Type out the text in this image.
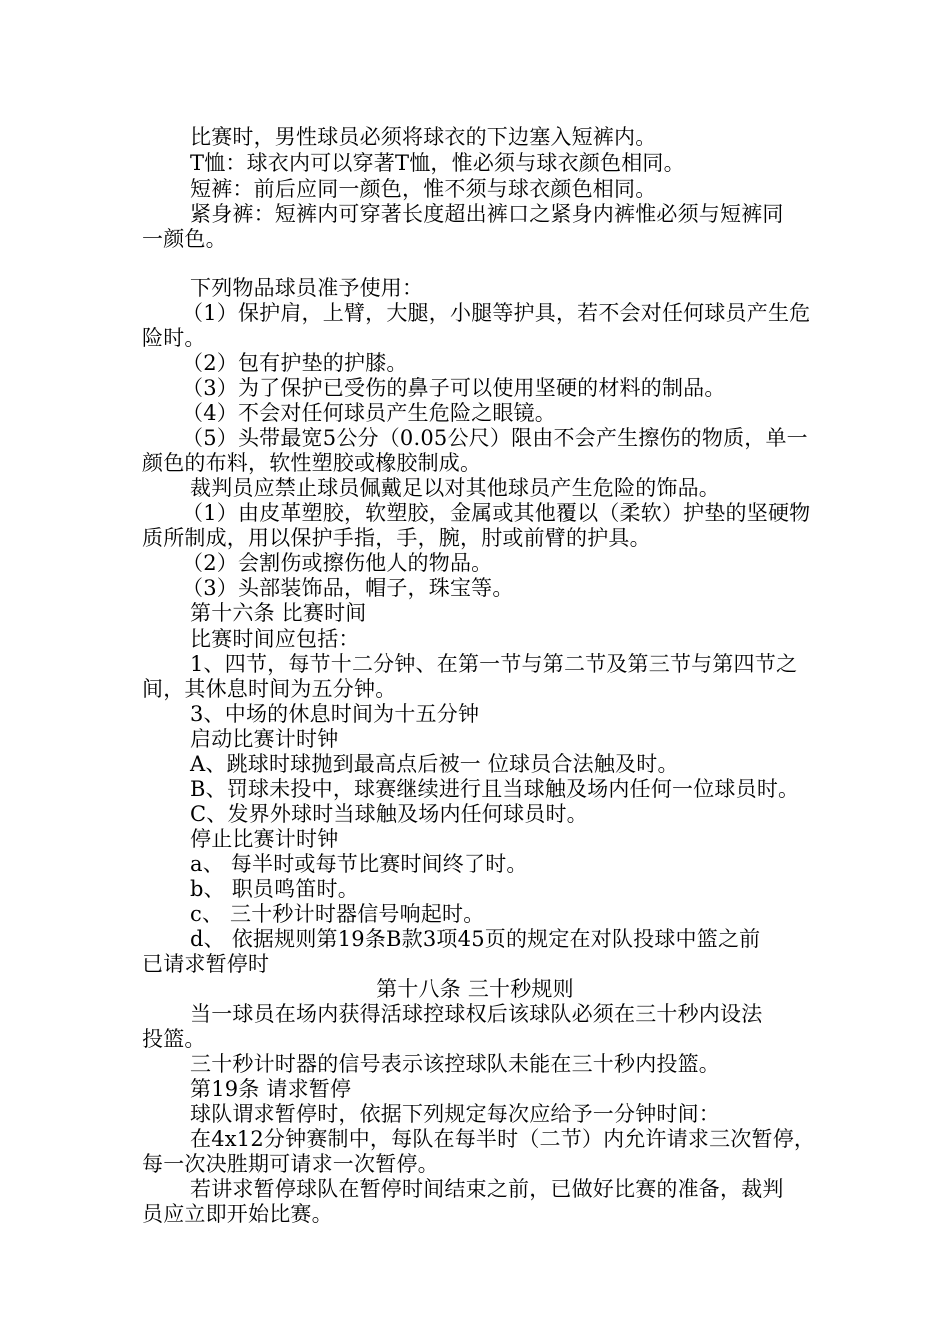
比赛时，男性球员必须将球衣的下边塞入短裤内。
T恤：球衣内可以穿著T恤，惟必须与球衣颜色相同。
短裤：前后应同一颜色，惟不须与球衣颜色相同。
紧身裤：短裤内可穿著长度超出裤口之紧身内裤惟必须与短裤同
一颜色。
下列物品球员准予使用：
（1）保护肩，上臂，大腿，小腿等护具，若不会对任何球员产生危
险时。
（2）包有护垫的护膝。
（3）为了保护已受伤的鼻子可以使用坚硬的材料的制品。
（4）不会对任何球员产生危险之眼镜。
（5）头带最宽5公分（0.05公尺）限由不会产生擦伤的物质，单一
颜色的布料，软性塑胶或橡胶制成。
裁判员应禁止球员佩戴足以对其他球员产生危险的饰品。
（1）由皮革塑胶，软塑胶，金属或其他覆以（柔软）护垫的坚硬物
质所制成，用以保护手指，手，腕，肘或前臂的护具。
（2）会割伤或擦伤他人的物品。
（3）头部装饰品，帽子，珠宝等。
第十六条 比赛时间
比赛时间应包括：
1、四节，每节十二分钟、在第一节与第二节及第三节与第四节之
间，其休息时间为五分钟。
3、中场的休息时间为十五分钟
启动比赛计时钟
A、跳球时球抛到最高点后被一 位球员合法触及时。
B、罚球未投中，球赛继续进行且当球触及场内任何一位球员时。
C、发界外球时当球触及场内任何球员时。
停止比赛计时钟
a、 每半时或每节比赛时间终了时。
b、 职员鸣笛时。
c、 三十秒计时器信号响起时。
d、 依据规则第19条B款3项45页的规定在对队投球中篮之前
已请求暂停时
第十八条 三十秒规则
当一球员在场内获得活球控球权后该球队必须在三十秒内设法
投篮。
三十秒计时器的信号表示该控球队未能在三十秒内投篮。
第19条 请求暂停
球队谓求暂停时，依据下列规定每次应给予一分钟时间：
在4x12分钟赛制中，每队在每半时（二节）内允许请求三次暂停，
每一次决胜期可请求一次暂停。
若讲求暂停球队在暂停时间结束之前，已做好比赛的准备，裁判
员应立即开始比赛。
